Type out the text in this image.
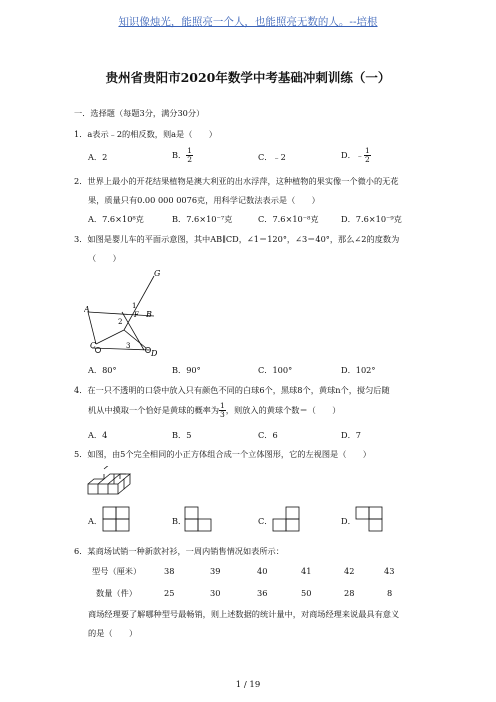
知识像烛光，能照亮一个人，也能照亮无数的人。--培根
贵州省贵阳市2020年数学中考基础冲刺训练（一）
一．选择题（每题3分，满分30分）
1．a表示﹣2的相反数，则a是（　　）
A．2	B． $\frac{1}{2}$	C．﹣2	D．﹣ $\frac{1}{2}$
2．世界上最小的开花结果植物是澳大利亚的出水浮萍，这种植物的果实像一个微小的无花
果，质量只有0.00 000 0076克，用科学记数法表示是（　　）
A．7.6×10⁸克	B．7.6×10⁻⁷克	C．7.6×10⁻⁸克	D．7.6×10⁻⁹克
3．如图是婴儿车的平面示意图，其中AB∥CD，∠1＝120°，∠3＝40°，那么∠2的度数为
（　　）
G
A
B
F
C
D
1
2
3
A．80°	B．90°	C．100°	D．102°
4．在一只不透明的口袋中放入只有颜色不同的白球6个，黑球8个，黄球n个，搅匀后随
机从中摸取一个恰好是黄球的概率为 $\frac{1}{3}$ ，则放入的黄球个数＝（　　）
A．4	B．5	C．6	D．7
5．如图，由5个完全相同的小正方体组合成一个立体图形，它的左视图是（　　）
A．	B．	C．	D．
6．某商场试销一种新款衬衫，一周内销售情况如表所示：
型号（厘米）	38	39	40	41	42	43
数量（件）	25	30	36	50	28	8
商场经理要了解哪种型号最畅销，则上述数据的统计量中，对商场经理来说最具有意义
的是（　　）
1 / 19
